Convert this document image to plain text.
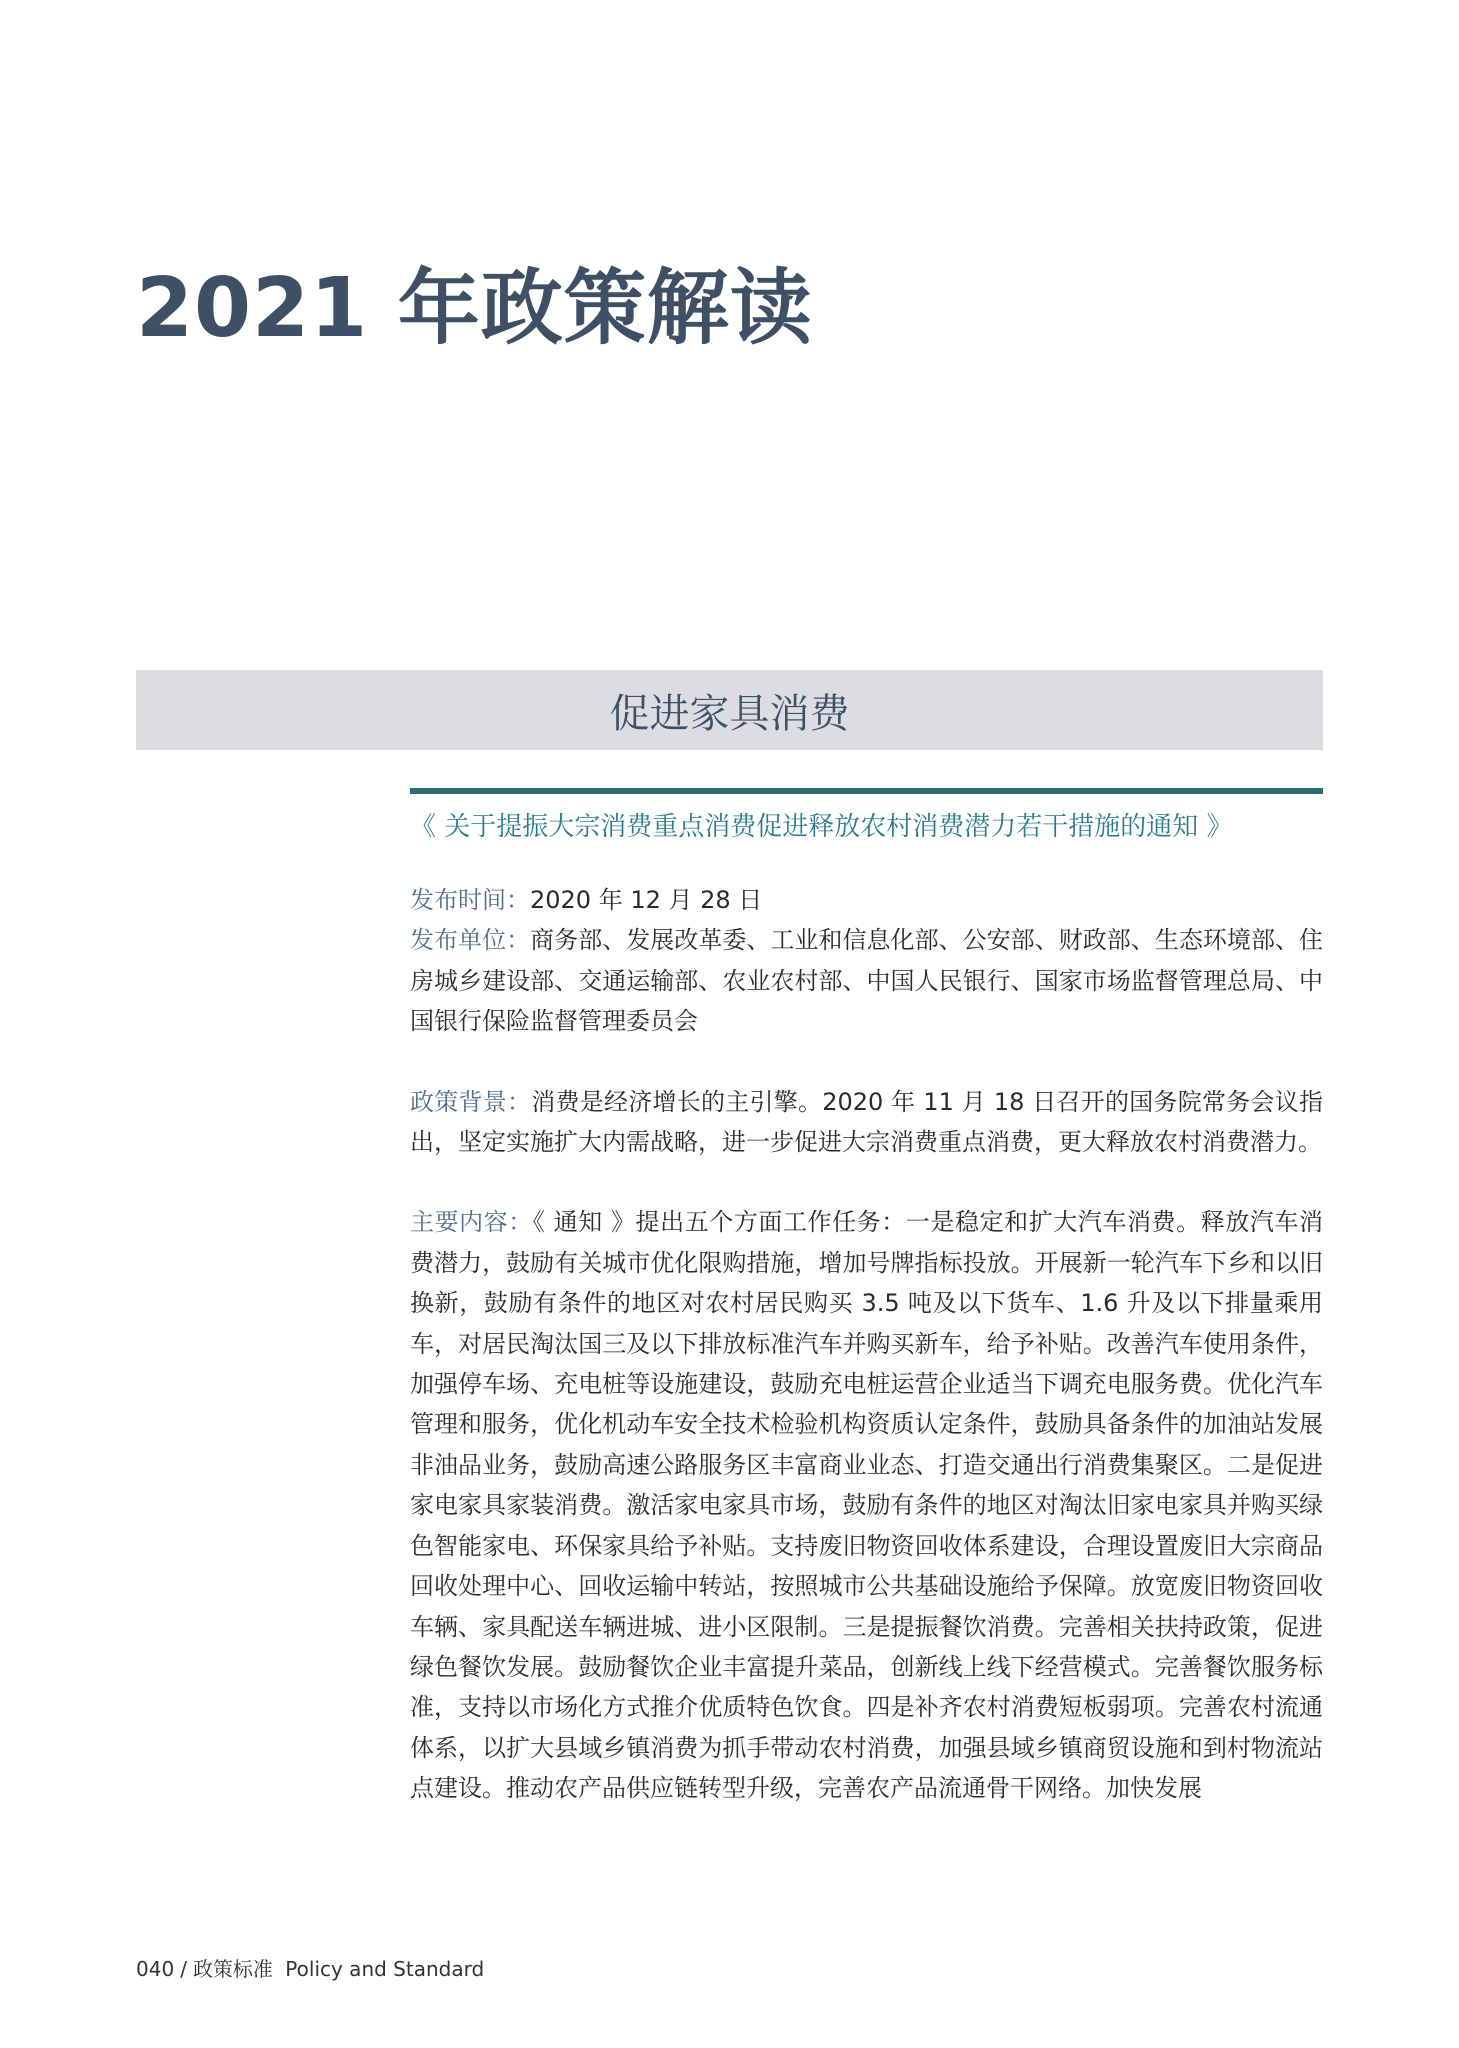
2021 年政策解读
促进家具消费
《 关于提振大宗消费重点消费促进释放农村消费潜力若干措施的通知 》

发布时间：2020 年 12 月 28 日

发布单位：商务部、发展改革委、工业和信息化部、公安部、财政部、生态环境部、住房城乡建设部、交通运输部、农业农村部、中国人民银行、国家市场监督管理总局、中国银行保险监督管理委员会

政策背景：消费是经济增长的主引擎。2020 年 11 月 18 日召开的国务院常务会议指出，坚定实施扩大内需战略，进一步促进大宗消费重点消费，更大释放农村消费潜力。

主要内容：《 通知 》提出五个方面工作任务：一是稳定和扩大汽车消费。释放汽车消费潜力，鼓励有关城市优化限购措施，增加号牌指标投放。开展新一轮汽车下乡和以旧换新，鼓励有条件的地区对农村居民购买 3.5 吨及以下货车、1.6 升及以下排量乘用车，对居民淘汰国三及以下排放标准汽车并购买新车，给予补贴。改善汽车使用条件，加强停车场、充电桩等设施建设，鼓励充电桩运营企业适当下调充电服务费。优化汽车管理和服务，优化机动车安全技术检验机构资质认定条件，鼓励具备条件的加油站发展非油品业务，鼓励高速公路服务区丰富商业业态、打造交通出行消费集聚区。二是促进家电家具家装消费。激活家电家具市场，鼓励有条件的地区对淘汰旧家电家具并购买绿色智能家电、环保家具给予补贴。支持废旧物资回收体系建设，合理设置废旧大宗商品回收处理中心、回收运输中转站，按照城市公共基础设施给予保障。放宽废旧物资回收车辆、家具配送车辆进城、进小区限制。三是提振餐饮消费。完善相关扶持政策，促进绿色餐饮发展。鼓励餐饮企业丰富提升菜品，创新线上线下经营模式。完善餐饮服务标准，支持以市场化方式推介优质特色饮食。四是补齐农村消费短板弱项。完善农村流通体系，以扩大县域乡镇消费为抓手带动农村消费，加强县域乡镇商贸设施和到村物流站点建设。推动农产品供应链转型升级，完善农产品流通骨干网络。加快发展

040 / 政策标准 Policy and Standard
